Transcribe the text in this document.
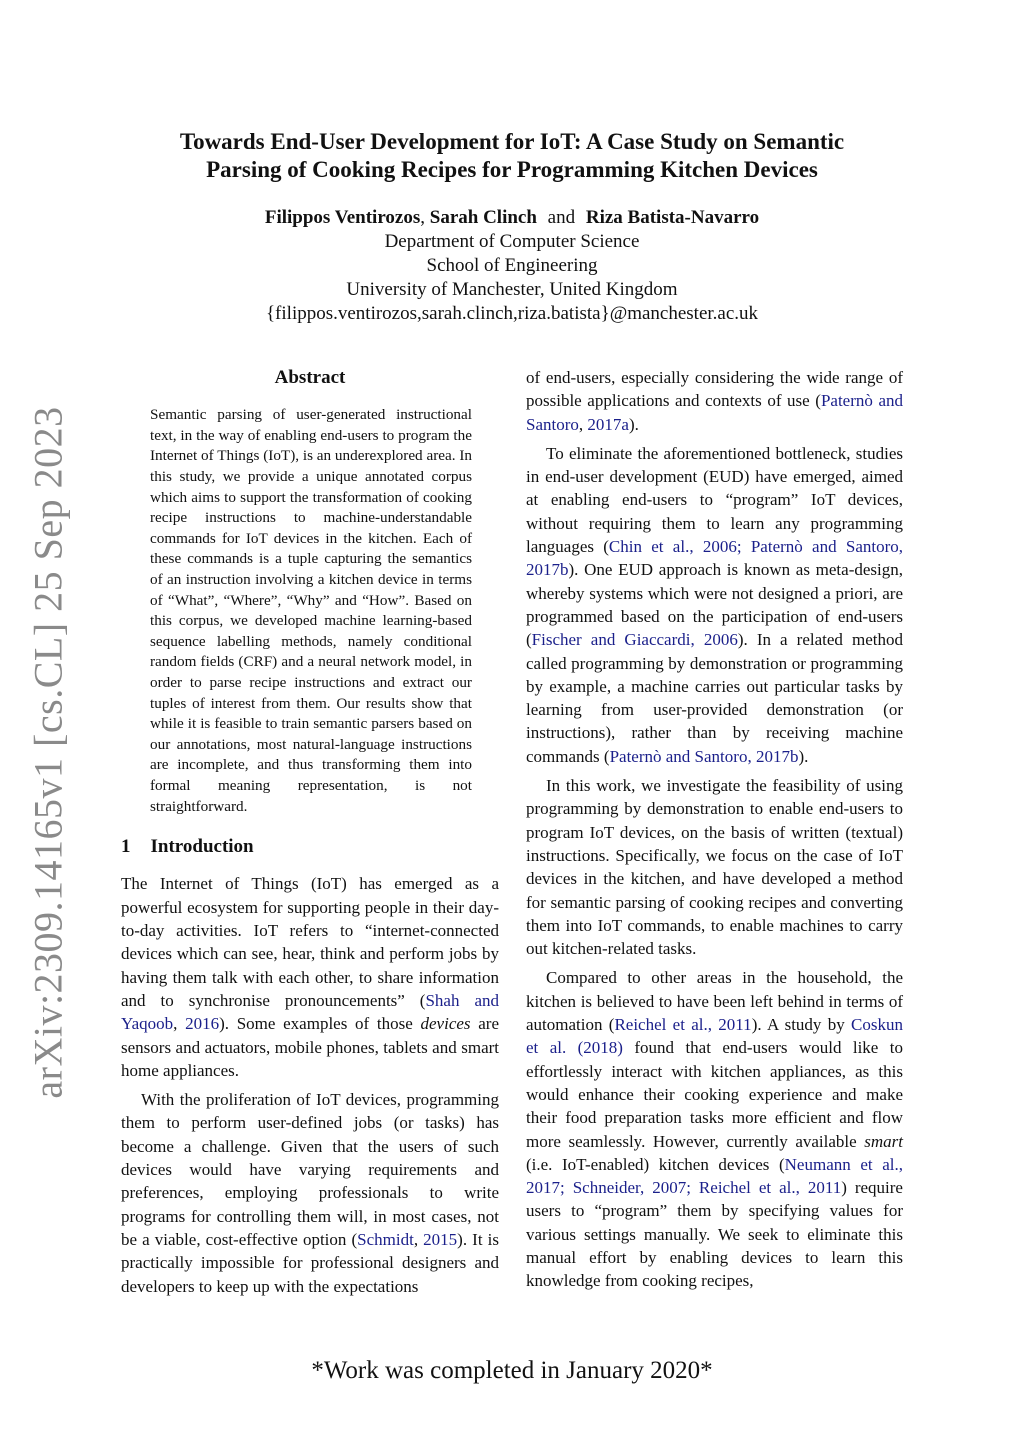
arXiv:2309.14165v1 [cs.CL] 25 Sep 2023
Towards End-User Development for IoT: A Case Study on Semantic
Parsing of Cooking Recipes for Programming Kitchen Devices
Filippos Ventirozos, Sarah Clinch and Riza Batista-Navarro
Department of Computer Science
School of Engineering
University of Manchester, United Kingdom
{filippos.ventirozos,sarah.clinch,riza.batista}@manchester.ac.uk
Abstract

Semantic parsing of user-generated instructional text, in the way of enabling end-users to program the Internet of Things (IoT), is an underexplored area. In this study, we provide a unique annotated corpus which aims to support the transformation of cooking recipe instructions to machine-understandable commands for IoT devices in the kitchen. Each of these commands is a tuple capturing the semantics of an instruction involving a kitchen device in terms of “What”, “Where”, “Why” and “How”. Based on this corpus, we developed machine learning-based sequence labelling methods, namely conditional random fields (CRF) and a neural network model, in order to parse recipe instructions and extract our tuples of interest from them. Our results show that while it is feasible to train semantic parsers based on our annotations, most natural-language instructions are incomplete, and thus transforming them into formal meaning representation, is not straightforward.

1 Introduction

The Internet of Things (IoT) has emerged as a powerful ecosystem for supporting people in their day-to-day activities. IoT refers to “internet-connected devices which can see, hear, think and perform jobs by having them talk with each other, to share information and to synchronise pronouncements” (Shah and Yaqoob, 2016). Some examples of those devices are sensors and actuators, mobile phones, tablets and smart home appliances.

With the proliferation of IoT devices, programming them to perform user-defined jobs (or tasks) has become a challenge. Given that the users of such devices would have varying requirements and preferences, employing professionals to write programs for controlling them will, in most cases, not be a viable, cost-effective option (Schmidt, 2015). It is practically impossible for professional designers and developers to keep up with the expectations

of end-users, especially considering the wide range of possible applications and contexts of use (Paternò and Santoro, 2017a).

To eliminate the aforementioned bottleneck, studies in end-user development (EUD) have emerged, aimed at enabling end-users to “program” IoT devices, without requiring them to learn any programming languages (Chin et al., 2006; Paternò and Santoro, 2017b). One EUD approach is known as meta-design, whereby systems which were not designed a priori, are programmed based on the participation of end-users (Fischer and Giaccardi, 2006). In a related method called programming by demonstration or programming by example, a machine carries out particular tasks by learning from user-provided demonstration (or instructions), rather than by receiving machine commands (Paternò and Santoro, 2017b).

In this work, we investigate the feasibility of using programming by demonstration to enable end-users to program IoT devices, on the basis of written (textual) instructions. Specifically, we focus on the case of IoT devices in the kitchen, and have developed a method for semantic parsing of cooking recipes and converting them into IoT commands, to enable machines to carry out kitchen-related tasks.

Compared to other areas in the household, the kitchen is believed to have been left behind in terms of automation (Reichel et al., 2011). A study by Coskun et al. (2018) found that end-users would like to effortlessly interact with kitchen appliances, as this would enhance their cooking experience and make their food preparation tasks more efficient and flow more seamlessly. However, currently available smart (i.e. IoT-enabled) kitchen devices (Neumann et al., 2017; Schneider, 2007; Reichel et al., 2011) require users to “program” them by specifying values for various settings manually. We seek to eliminate this manual effort by enabling devices to learn this knowledge from cooking recipes,

*Work was completed in January 2020*
